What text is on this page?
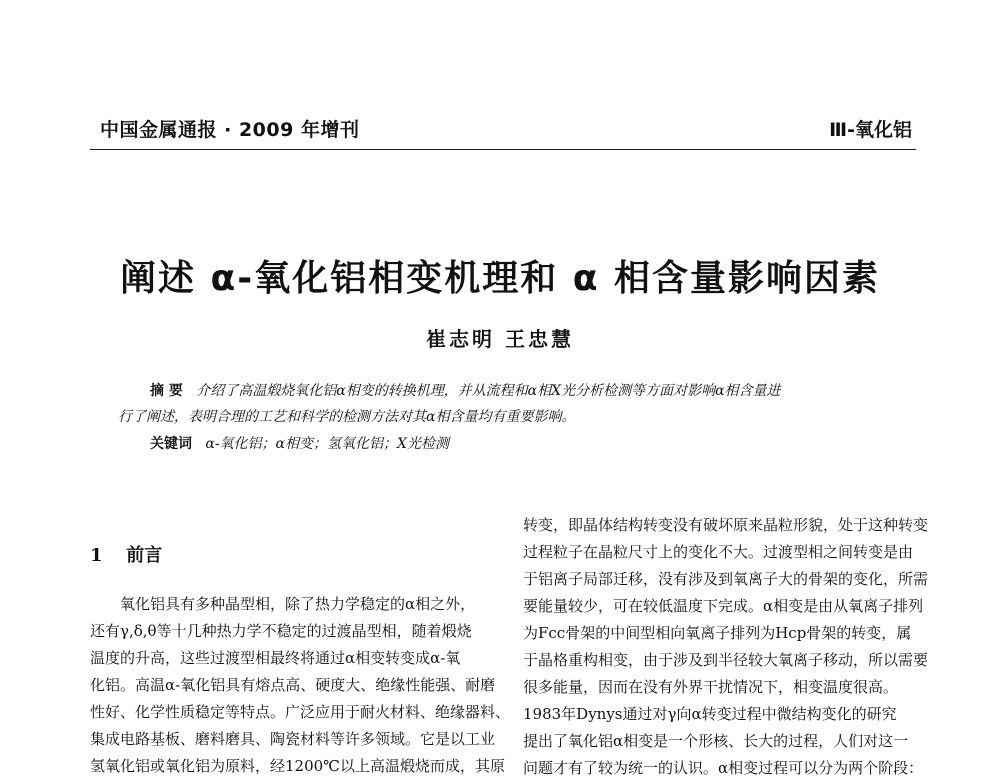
中国金属通报 · 2009 年增刊	Ⅲ-氧化铝
阐述 α-氧化铝相变机理和 α 相含量影响因素
崔志明 王忠慧
摘 要 介绍了高温煅烧氧化铝α相变的转换机理，并从流程和α相X光分析检测等方面对影响α相含量进
行了阐述，表明合理的工艺和科学的检测方法对其α相含量均有重要影响。
关键词 α-氧化铝；α相变；氢氧化铝；X光检测
1 前言
氧化铝具有多种晶型相，除了热力学稳定的α相之外，
还有γ,δ,θ等十几种热力学不稳定的过渡晶型相，随着煅烧
温度的升高，这些过渡型相最终将通过α相变转变成α-氧
化铝。高温α-氧化铝具有熔点高、硬度大、绝缘性能强、耐磨
性好、化学性质稳定等特点。广泛应用于耐火材料、绝缘器料、
集成电路基板、磨料磨具、陶瓷材料等许多领域。它是以工业
氢氧化铝或氧化铝为原料，经1200℃以上高温煅烧而成，其原
转变，即晶体结构转变没有破坏原来晶粒形貌，处于这种转变
过程粒子在晶粒尺寸上的变化不大。过渡型相之间转变是由
于铝离子局部迁移，没有涉及到氧离子大的骨架的变化，所需
要能量较少，可在较低温度下完成。α相变是由从氧离子排列
为Fcc骨架的中间型相向氧离子排列为Hcp骨架的转变，属
于晶格重构相变，由于涉及到半径较大氧离子移动，所以需要
很多能量，因而在没有外界干扰情况下，相变温度很高。
1983年Dynys通过对γ向α转变过程中微结构变化的研究
提出了氧化铝α相变是一个形核、长大的过程，人们对这一
问题才有了较为统一的认识。α相变过程可以分为两个阶段：
